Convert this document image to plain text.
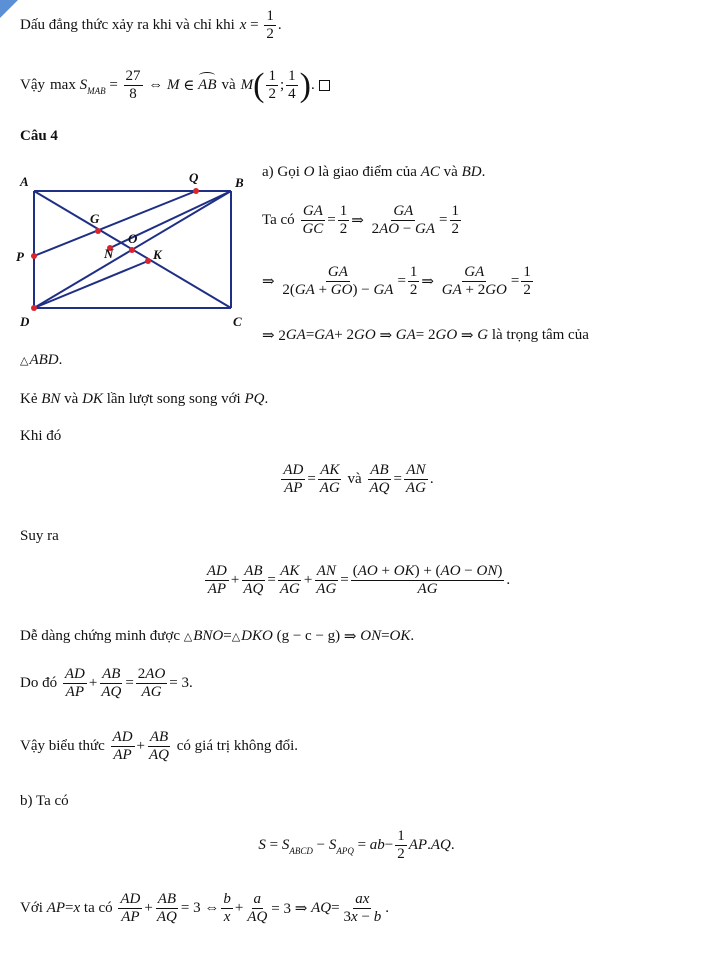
Dấu đẳng thức xảy ra khi và chỉ khi x =
1
2
.
Vậy max
S MAB =
27
8
⇔ M ∈ AB và M ( 1
2
;
1
4 ) .
Câu 4
A	Q	B
G
O
N	K
P
D	C
a) Gọi
O
là giao điểm của
AC
và
BD .
Ta có

GA
GC
=
1
2 ⇒
GA
2AO − GA
=
1
2
⇒
GA
2(GA + GO) − GA
=
1
2 ⇒
GA
GA + 2GO
=
1
2
⇒ 2 GA = GA + 2 GO ⇒ GA = 2 GO ⇒ G
là trọng tâm của
△ ABD .
Kẻ
BN
và
DK
lần lượt song song với
PQ .
Khi đó
AD
AP
=
AK
AG

và

AB
AQ
=
AN
AG
.
Suy ra
AD
AP
+
AB
AQ
=
AK
AG
+
AN
AG
=
(AO + OK) + (AO − ON)
AG
.
Dễ dàng chứng minh được
△ BNO = △ DKO
(g − c − g) ⇒ ON = OK .
Do đó

AD
AP
+
AB
AQ
=
2AO
AG
= 3.
Vậy biểu thức

AD
AP
+
AB
AQ

có giá trị không đổi.
b) Ta có
S = S ABCD − S APQ = ab −
1
2
AP . AQ .
Với
AP = x
ta có

AD
AP
+
AB
AQ
= 3 ⇔
b
x
+
a
AQ = 3 ⇒ AQ =
ax
3x − b
.
